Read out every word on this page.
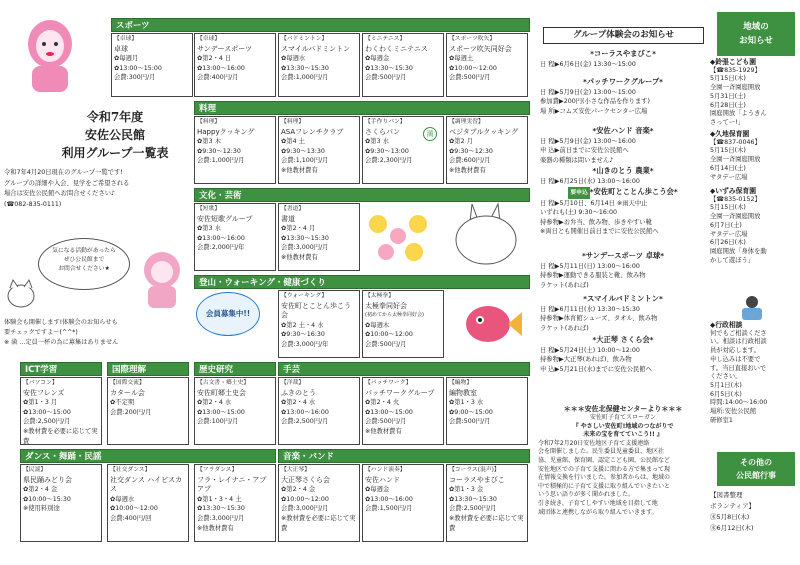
令和7年度
安佐公民館
利用グループ一覧表
令和7年4月20日現在のグループ一覧です!
グループの詳細や入会、見学をご希望される
場合は安佐公民館へお問合せください♪
(☎082-835-0111)
気になる活動があったら
ぜひ公民館まで
お問合せください★
体験会も開催します!体験会のお知らせも
要チェックですよ〜(^^*)
※ 満 …定員一杯の為に募集はありません
スポーツ
料理
文化・芸術
登山・ウォーキング・健康づくり
ICT学習	国際理解	歴史研究	手芸
ダンス・舞踊・民謡	音楽・バンド
会員募集中!!
グループ体験会のお知らせ
＊＊＊安佐北保健センターより＊＊＊
安佐町子育てスローガン
『 やさしい安佐町!地域のつながりで
未来の宝を育てていこう!! 』
令和7年2月20日安佐地区子育て支援連絡
会を開催しました。民生委員児童委員、地区社
協、児童館、保育園、認定こども園、公民館など
安佐地区での子育て支援に関わる方で集まって現
在情報交換を行いました。参加者からは、地域の
中で積極的に子育て支援に取り組んでいきたいと
いう思い語りが多く聞かれました。
引き続き、子育てしやすい地域を目指して地
域団体と連携しながら取り組んでいきます。
地域の
お知らせ
その他の
公民館行事
【図書整理
ボランティア】
㊍5月8日(木)
㊍6月12日(木)
【卓球】
卓球
✿毎週月
✿13:00〜15:00
会費:300円/月
【卓球】
サンデースポーツ
✿第2・4 日
✿13:00〜16:00
会費:400円/月
【バドミントン】
スマイルバドミントン
✿毎週水
✿13:30〜15:30
会費:1,000円/月
【ミニテニス】
わくわくミニテニス
✿毎週金
✿13:30〜15:30
会費:500円/月
【スポーツ吹矢】
スポーツ吹矢同好会
✿毎週土
✿10:00〜12:00
会費:500円/月
【料理】
Happyクッキング
✿第3 木
✿9:30〜12:30
会費:1,000円/月
【料理】
ASAフレンチクラブ
✿第4 土
✿9:30〜13:30
会費:1,100円/月
※他教材費有
【手作りパン】
さくらパン	満
✿第3 水
✿9:30〜13:00
会費:2,300円/月
【調理実習】
ベジタブルクッキング
✿第2 月
✿9:30〜12:30
会費:600円/月
※他教材費有
【短歌】
安佐短歌グループ
✿第3 水
✿13:00〜16:00
会費:2,000円/年
【書道】
書道
✿第2・4 月
✿13:30〜15:30
会費:3,000円/月
※他教材費有
【ウォーキング】
安佐町とことん歩こう会
✿第2 土・4 水
✿9:30〜16:30
会費:3,000円/年
【太極拳】
太極拳同好会
(初めてから太極拳同好会)
✿毎週木
✿10:00〜12:00
会費:500円/月
【パソコン】
安佐フレンズ
✿第1・3 月
✿13:00〜15:00
会費:2,500円/月
※教材費を必要に応じて実費
【国際交流】
カタール会
✿不定期
会費:200円/月
【古文書・郷土史】
安佐町郷土史会
✿第2・4 水
✿13:00〜15:00
会費:100円/月
【洋裁】
ふきのとう
✿第2・4 水
✿13:00〜16:00
会費:2,500円/月
【パッチワーク】
パッチワークグループ
✿第2・4 火
✿13:00〜15:00
会費:500円/月
※他教材費有
【編物】
編物教室
✿第1・3 水
✿9:00〜15:00
会費:500円/月
【民謡】
県民踊みどり会
✿第2・4 金
✿10:00〜15:30
※使用料別途
【社交ダンス】
社交ダンス ハイビスカス
✿毎週水
✿10:00〜12:00
会費:400円/回
【フラダンス】
フラ・レイナニ・アプアプ
✿第1・3・4 土
✿13:30〜15:30
会費:3,000円/月
※他教材費有
【大正琴】
大正琴さくら会
✿第2・4 金
✿10:00〜12:00
会費:3,000円/月
※教材費を必要に応じて実費
【ハンド演奏】
安佐ハンド
✿毎週金
✿13:00〜16:00
会費:1,500円/月
【コーラス(混声)】
コーラスやまびこ
✿第1・3 金
✿13:30〜15:30
会費:2,500円/月
※教材費を必要に応じて実費
*コーラスやまびこ*
日 程▶6月6日(金) 13:30〜15:00
*パッチワークグループ*
日 程▶5月9日(金) 13:00〜15:00
参加費▶200円(小さな作品を作ります)
場 所▶コムズ安佐パークセンター広場
*安佐ハンド 音楽*
日 程▶5月9日(金) 13:00〜16:00
申 込▶前日までに安佐公民館へ
楽器の種類は問いません♪
*山きのとう 農業*
日 程▶6月25日(水) 13:00〜16:00
要申込 *安佐町とことん歩こう会*
日 程▶5月10日、6月14日 ※雨天中止
いずれも(土) 9:30〜16:00
持参物▶お弁当、飲み物、歩きやすい靴
※両日とも開催日前日までに安佐公民館へ
*サンデースポーツ 卓球*
日 程▶5月11日(日) 13:00〜16:00
持参物▶運動できる服装と靴、飲み物
ラケット(あれば)
*スマイルバドミントン*
日 程▶6月11日(水) 13:30〜15:30
持参物▶体育館シューズ、タオル、飲み物
ラケット(あれば)
*大正琴 さくら会*
日 程▶5月24日(土) 10:00〜12:00
持参物▶大正琴(あれば)、飲み物
申 込▶5月21日(水)までに安佐公民館へ
◆鈴張こども園
【☎835-1929】
5月15日(木)
全園一斉園庭開放
5月31日(土)
6月28日(土)
園庭開放「ようきん
さってー!」
◆久地保育園
【☎837-0046】
5月15日(木)
全園一斉園庭開放
6月14日(土)
サタデー広場
◆いずみ保育園
【☎835-0152】
5月15日(木)
全園一斉園庭開放
6月7日(土)
サタデー広場
6月26日(木)
園庭開放「身体を動
かして遊ぼう」
◆行政相談
何でもご相談くださ
い。相談は行政相談
員が対応します。
申し込みは不要で
す。当日直接おいで
ください。
5月1日(木)
6月5日(木)
時間:14:00〜16:00
場所:安佐公民館
研修室1
